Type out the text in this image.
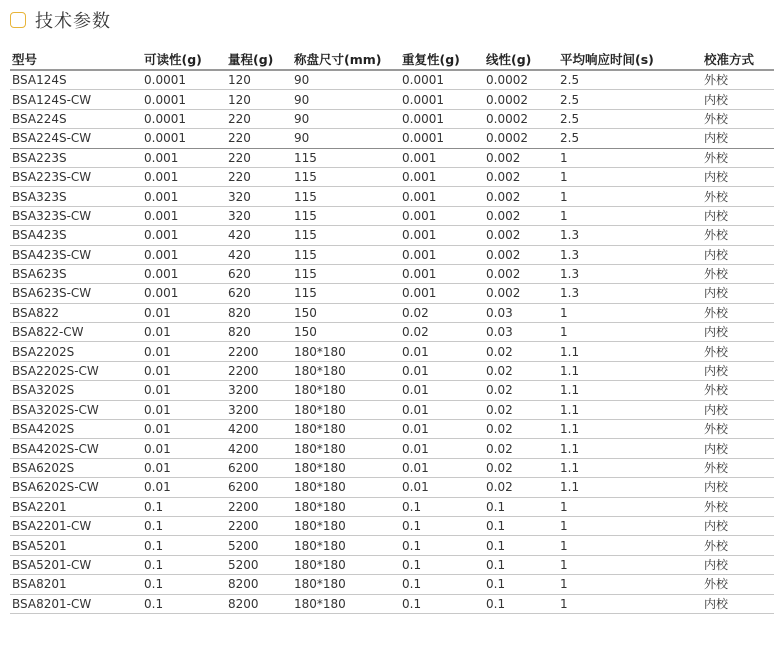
技术参数
型号	可读性(g)	量程(g)	称盘尺寸(mm)	重复性(g)	线性(g)	平均响应时间(s)	校准方式
BSA124S	0.0001	120	90	0.0001	0.0002	2.5	外校
BSA124S-CW	0.0001	120	90	0.0001	0.0002	2.5	内校
BSA224S	0.0001	220	90	0.0001	0.0002	2.5	外校
BSA224S-CW	0.0001	220	90	0.0001	0.0002	2.5	内校
BSA223S	0.001	220	115	0.001	0.002	1	外校
BSA223S-CW	0.001	220	115	0.001	0.002	1	内校
BSA323S	0.001	320	115	0.001	0.002	1	外校
BSA323S-CW	0.001	320	115	0.001	0.002	1	内校
BSA423S	0.001	420	115	0.001	0.002	1.3	外校
BSA423S-CW	0.001	420	115	0.001	0.002	1.3	内校
BSA623S	0.001	620	115	0.001	0.002	1.3	外校
BSA623S-CW	0.001	620	115	0.001	0.002	1.3	内校
BSA822	0.01	820	150	0.02	0.03	1	外校
BSA822-CW	0.01	820	150	0.02	0.03	1	内校
BSA2202S	0.01	2200	180*180	0.01	0.02	1.1	外校
BSA2202S-CW	0.01	2200	180*180	0.01	0.02	1.1	内校
BSA3202S	0.01	3200	180*180	0.01	0.02	1.1	外校
BSA3202S-CW	0.01	3200	180*180	0.01	0.02	1.1	内校
BSA4202S	0.01	4200	180*180	0.01	0.02	1.1	外校
BSA4202S-CW	0.01	4200	180*180	0.01	0.02	1.1	内校
BSA6202S	0.01	6200	180*180	0.01	0.02	1.1	外校
BSA6202S-CW	0.01	6200	180*180	0.01	0.02	1.1	内校
BSA2201	0.1	2200	180*180	0.1	0.1	1	外校
BSA2201-CW	0.1	2200	180*180	0.1	0.1	1	内校
BSA5201	0.1	5200	180*180	0.1	0.1	1	外校
BSA5201-CW	0.1	5200	180*180	0.1	0.1	1	内校
BSA8201	0.1	8200	180*180	0.1	0.1	1	外校
BSA8201-CW	0.1	8200	180*180	0.1	0.1	1	内校
